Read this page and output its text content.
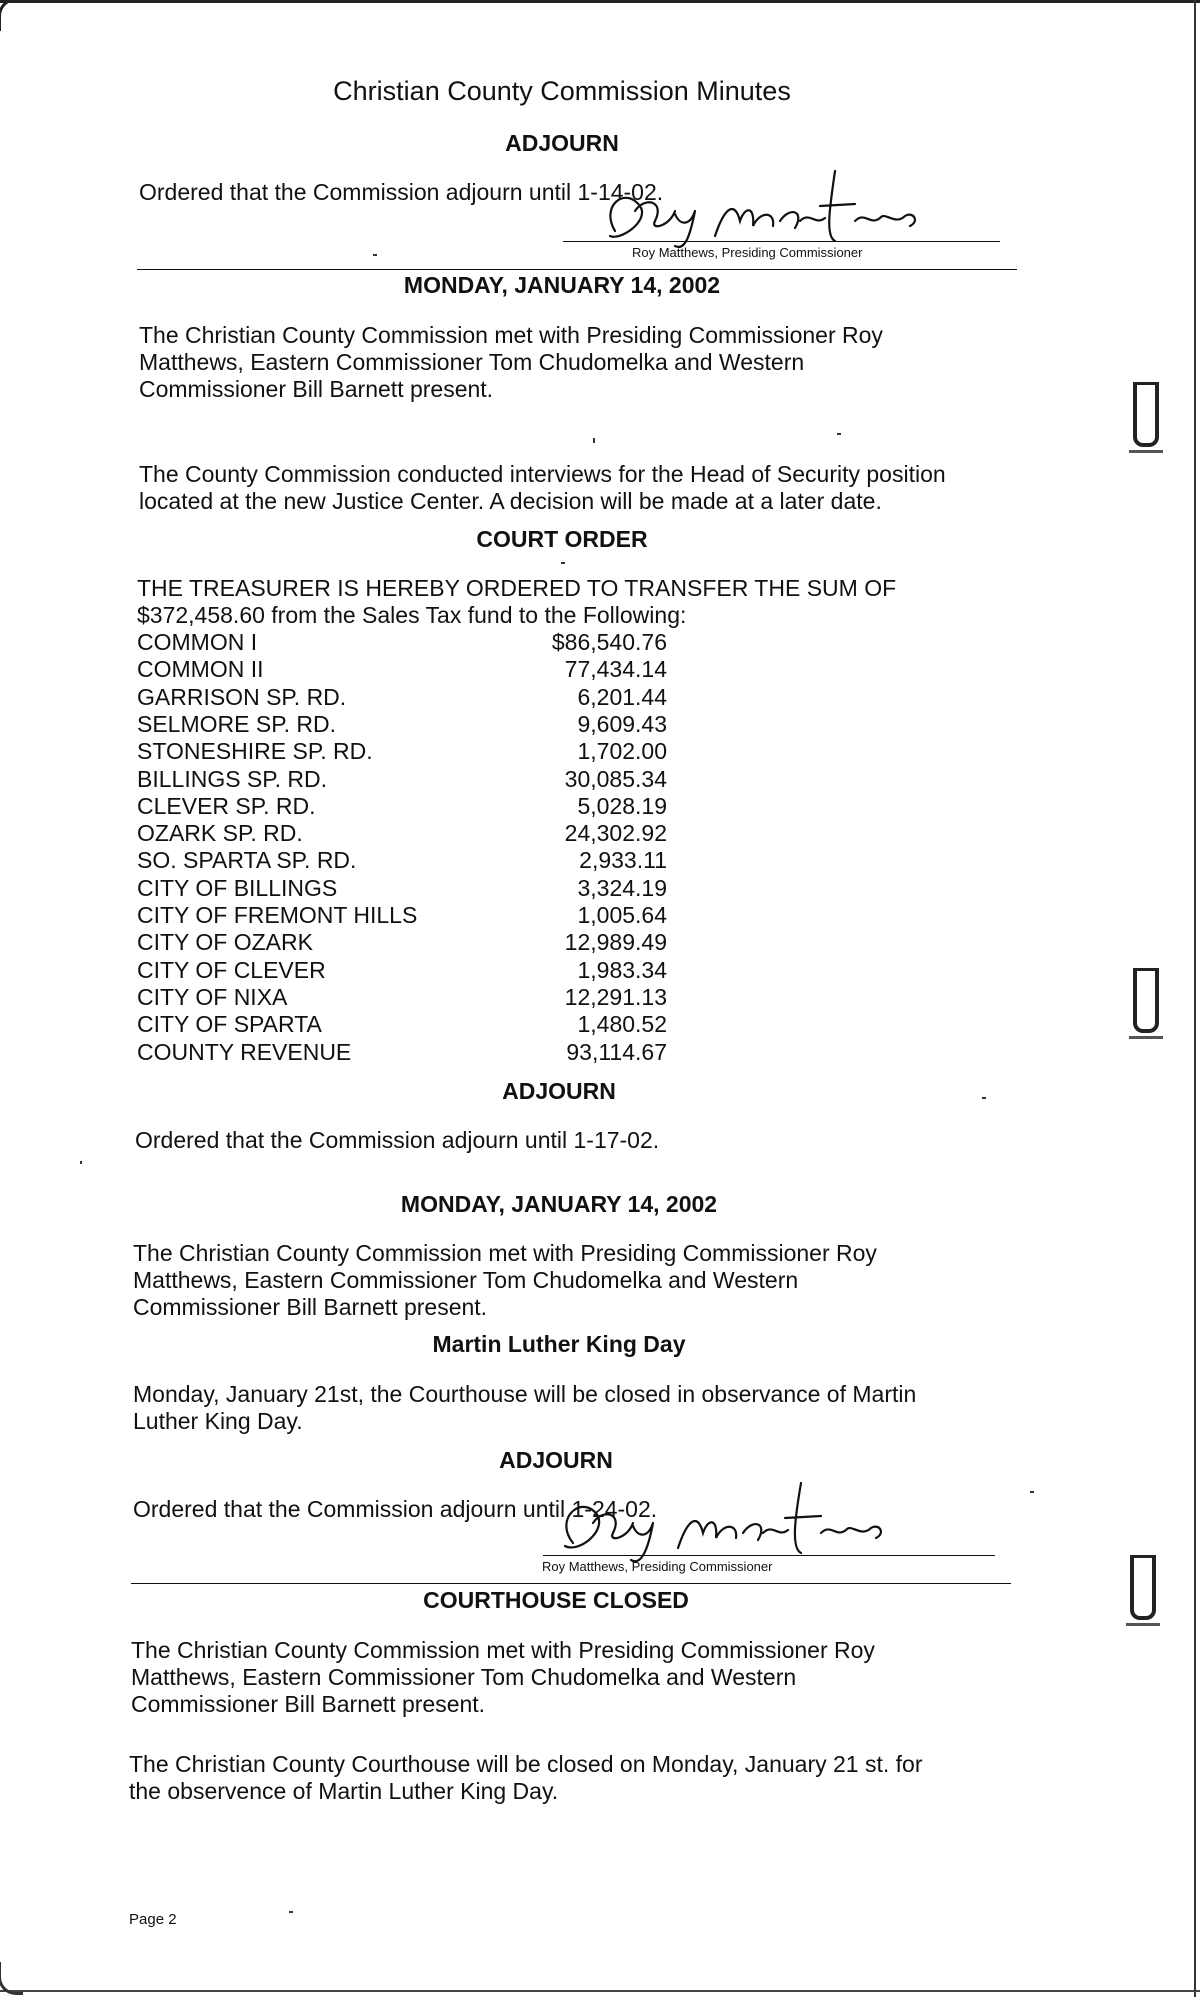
Christian County Commission Minutes
ADJOURN
Ordered that the Commission adjourn until 1-14-02.
Roy Matthews, Presiding Commissioner
MONDAY, JANUARY 14, 2002
The Christian County Commission met with Presiding Commissioner Roy
Matthews, Eastern Commissioner Tom Chudomelka and Western
Commissioner Bill Barnett present.
The County Commission conducted interviews for the Head of Security position
located at the new Justice Center. A decision will be made at a later date.
COURT ORDER
THE TREASURER IS HEREBY ORDERED TO TRANSFER THE SUM OF
$372,458.60 from the Sales Tax fund to the Following:
COMMON I	$86,540.76
COMMON II	77,434.14
GARRISON SP. RD.	6,201.44
SELMORE SP. RD.	9,609.43
STONESHIRE SP. RD.	1,702.00
BILLINGS SP. RD.	30,085.34
CLEVER SP. RD.	5,028.19
OZARK SP. RD.	24,302.92
SO. SPARTA SP. RD.	2,933.11
CITY OF BILLINGS	3,324.19
CITY OF FREMONT HILLS	1,005.64
CITY OF OZARK	12,989.49
CITY OF CLEVER	1,983.34
CITY OF NIXA	12,291.13
CITY OF SPARTA	1,480.52
COUNTY REVENUE	93,114.67
ADJOURN
Ordered that the Commission adjourn until 1-17-02.
MONDAY, JANUARY 14, 2002
The Christian County Commission met with Presiding Commissioner Roy
Matthews, Eastern Commissioner Tom Chudomelka and Western
Commissioner Bill Barnett present.
Martin Luther King Day
Monday, January 21st, the Courthouse will be closed in observance of Martin
Luther King Day.
ADJOURN
Ordered that the Commission adjourn until 1-24-02.
Roy Matthews, Presiding Commissioner
COURTHOUSE CLOSED
The Christian County Commission met with Presiding Commissioner Roy
Matthews, Eastern Commissioner Tom Chudomelka and Western
Commissioner Bill Barnett present.
The Christian County Courthouse will be closed on Monday, January 21 st. for
the observence of Martin Luther King Day.
Page 2
